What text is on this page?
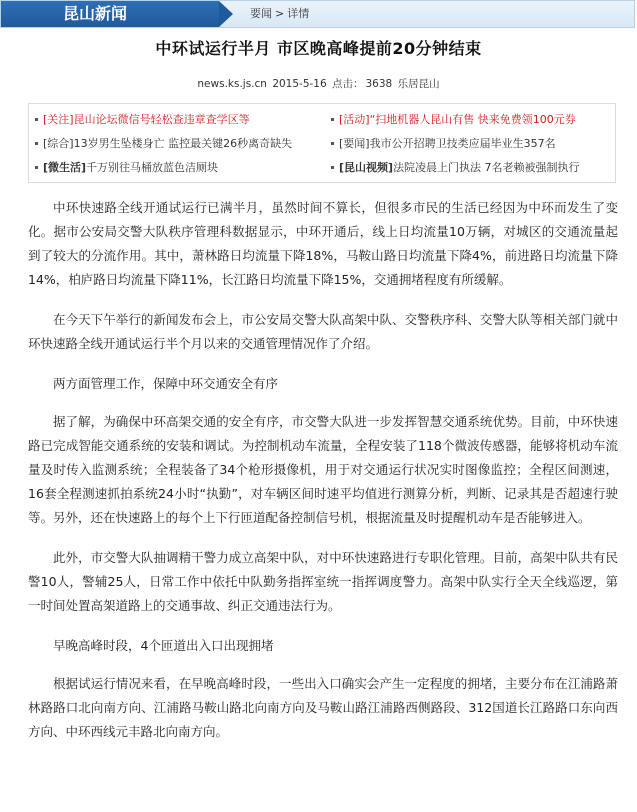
昆山新闻	要闻 > 详情
中环试运行半月 市区晚高峰提前20分钟结束
news.ks.js.cn 2015-5-16 点击： 3638 乐居昆山
[关注]昆山论坛微信号轻松查违章查学区等
[综合]13岁男生坠楼身亡 监控最关键26秒离奇缺失
[微生活]千万别往马桶放蓝色洁厕块
[活动]“扫地机器人昆山有售 快来免费领100元券
[要闻]我市公开招聘卫技类应届毕业生357名
[昆山视频]法院凌晨上门执法 7名老赖被强制执行

中环快速路全线开通试运行已满半月，虽然时间不算长，但很多市民的生活已经因为中环而发生了变化。据市公安局交警大队秩序管理科数据显示，中环开通后，线上日均流量10万辆，对城区的交通流量起到了较大的分流作用。其中，萧林路日均流量下降18%，马鞍山路日均流量下降4%，前进路日均流量下降14%，柏庐路日均流量下降11%，长江路日均流量下降15%，交通拥堵程度有所缓解。

在今天下午举行的新闻发布会上，市公安局交警大队高架中队、交警秩序科、交警大队等相关部门就中环快速路全线开通试运行半个月以来的交通管理情况作了介绍。

两方面管理工作，保障中环交通安全有序

据了解，为确保中环高架交通的安全有序，市交警大队进一步发挥智慧交通系统优势。目前，中环快速路已完成智能交通系统的安装和调试。为控制机动车流量，全程安装了118个微波传感器，能够将机动车流量及时传入监测系统；全程装备了34个枪形摄像机，用于对交通运行状况实时图像监控；全程区间测速，16套全程测速抓拍系统24小时“执勤”，对车辆区间时速平均值进行测算分析，判断、记录其是否超速行驶等。另外，还在快速路上的每个上下行匝道配备控制信号机，根据流量及时提醒机动车是否能够进入。

此外，市交警大队抽调精干警力成立高架中队，对中环快速路进行专职化管理。目前，高架中队共有民警10人，警辅25人，日常工作中依托中队勤务指挥室统一指挥调度警力。高架中队实行全天全线巡逻，第一时间处置高架道路上的交通事故、纠正交通违法行为。

早晚高峰时段，4个匝道出入口出现拥堵

根据试运行情况来看，在早晚高峰时段，一些出入口确实会产生一定程度的拥堵，主要分布在江浦路萧林路路口北向南方向、江浦路马鞍山路北向南方向及马鞍山路江浦路西侧路段、312国道长江路路口东向西方向、中环西线元丰路北向南方向。
